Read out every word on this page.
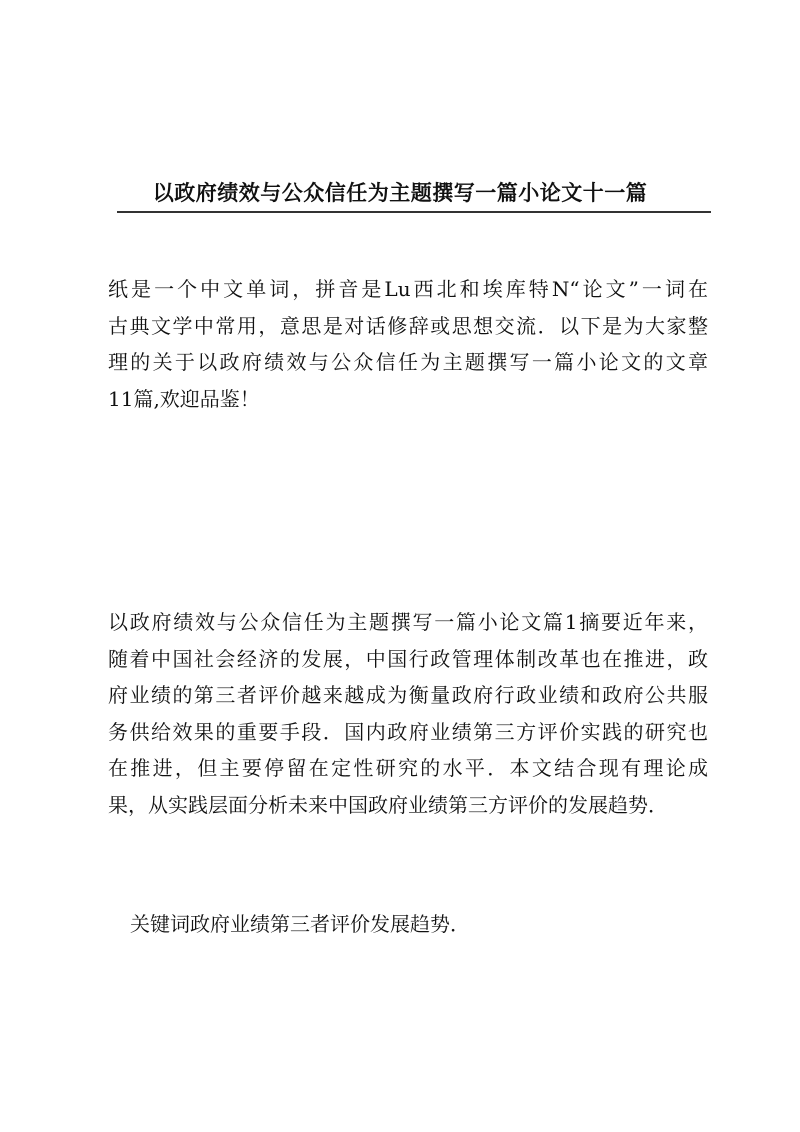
以政府绩效与公众信任为主题撰写一篇小论文十一篇

纸是一个中文单词，拼音是Lu西北和埃库特N“论文”一词在
古典文学中常用，意思是对话修辞或思想交流．以下是为大家整
理的关于以政府绩效与公众信任为主题撰写一篇小论文的文章
11篇,欢迎品鉴！

以政府绩效与公众信任为主题撰写一篇小论文篇1摘要近年来，
随着中国社会经济的发展，中国行政管理体制改革也在推进，政
府业绩的第三者评价越来越成为衡量政府行政业绩和政府公共服
务供给效果的重要手段．国内政府业绩第三方评价实践的研究也
在推进，但主要停留在定性研究的水平．本文结合现有理论成
果，从实践层面分析未来中国政府业绩第三方评价的发展趋势．

关键词政府业绩第三者评价发展趋势．
